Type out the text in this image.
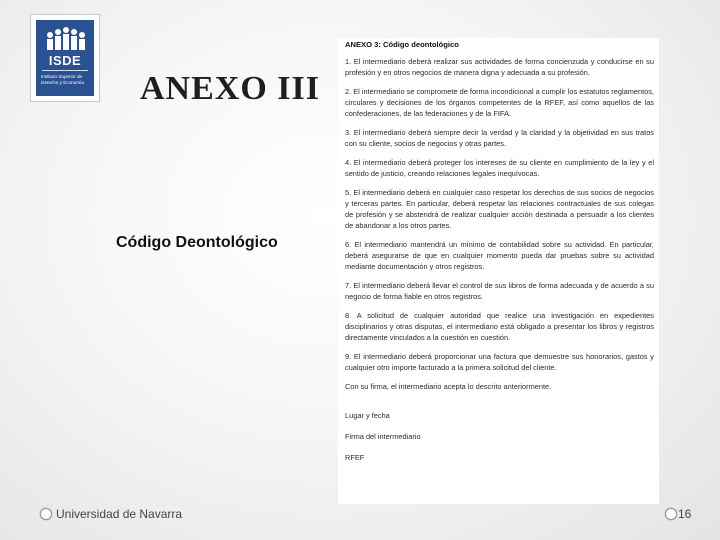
ISDE
Instituto Superior de Derecho y Economía ANEXO III
Código Deontológico
ANEXO 3: Código deontológico

1. El intermediario deberá realizar sus actividades de forma concienzuda y conducirse en su profesión y en otros negocios de manera digna y adecuada a su profesión.

2. El intermediario se compromete de forma incondicional a cumplir los estatutos reglamentos, circulares y decisiones de los órganos competentes de la RFEF, así como aquellos de las confederaciones, de las federaciones y de la FIFA.

3. El intermediario deberá siempre decir la verdad y la claridad y la objetividad en sus tratos con su cliente, socios de negocios y otras partes.

4. El intermediario deberá proteger los intereses de su cliente en cumplimiento de la ley y el sentido de justicio, creando relaciones legales inequívocas.

5. El intermediario deberá en cualquier caso respetar los derechos de sus socios de negocios y terceras partes. En particular, deberá respetar las relaciones contractuales de sus colegas de profesión y se abstendrá de realizar cualquier acción destinada a persuadir a los clientes de abandonar a los otros partes.

6. El intermediario mantendrá un mínimo de contabilidad sobre su actividad. En particular, deberá asegurarse de que en cualquier momento pueda dar pruebas sobre su actividad mediante documentación y otros registros.

7. El intermediario deberá llevar el control de sus libros de forma adecuada y de acuerdo a su negocio de forma fiable en otros registros.

8. A solicitud de cualquier autoridad que realice una investigación en expedientes disciplinarios y otras disputas, el intermediario está obligado a presentar los libros y registros directamente vinculados a la cuestión en cuestión.

9. El intermediario deberá proporcionar una factura que demuestre sus honorarios, gastos y cualquier otro importe facturado a la primera solicitud del cliente.

Con su firma, el intermediario acepta lo descrito anteriormente.

Lugar y fecha

Firma del intermediario

RFEF

Universidad de Navarra	16
